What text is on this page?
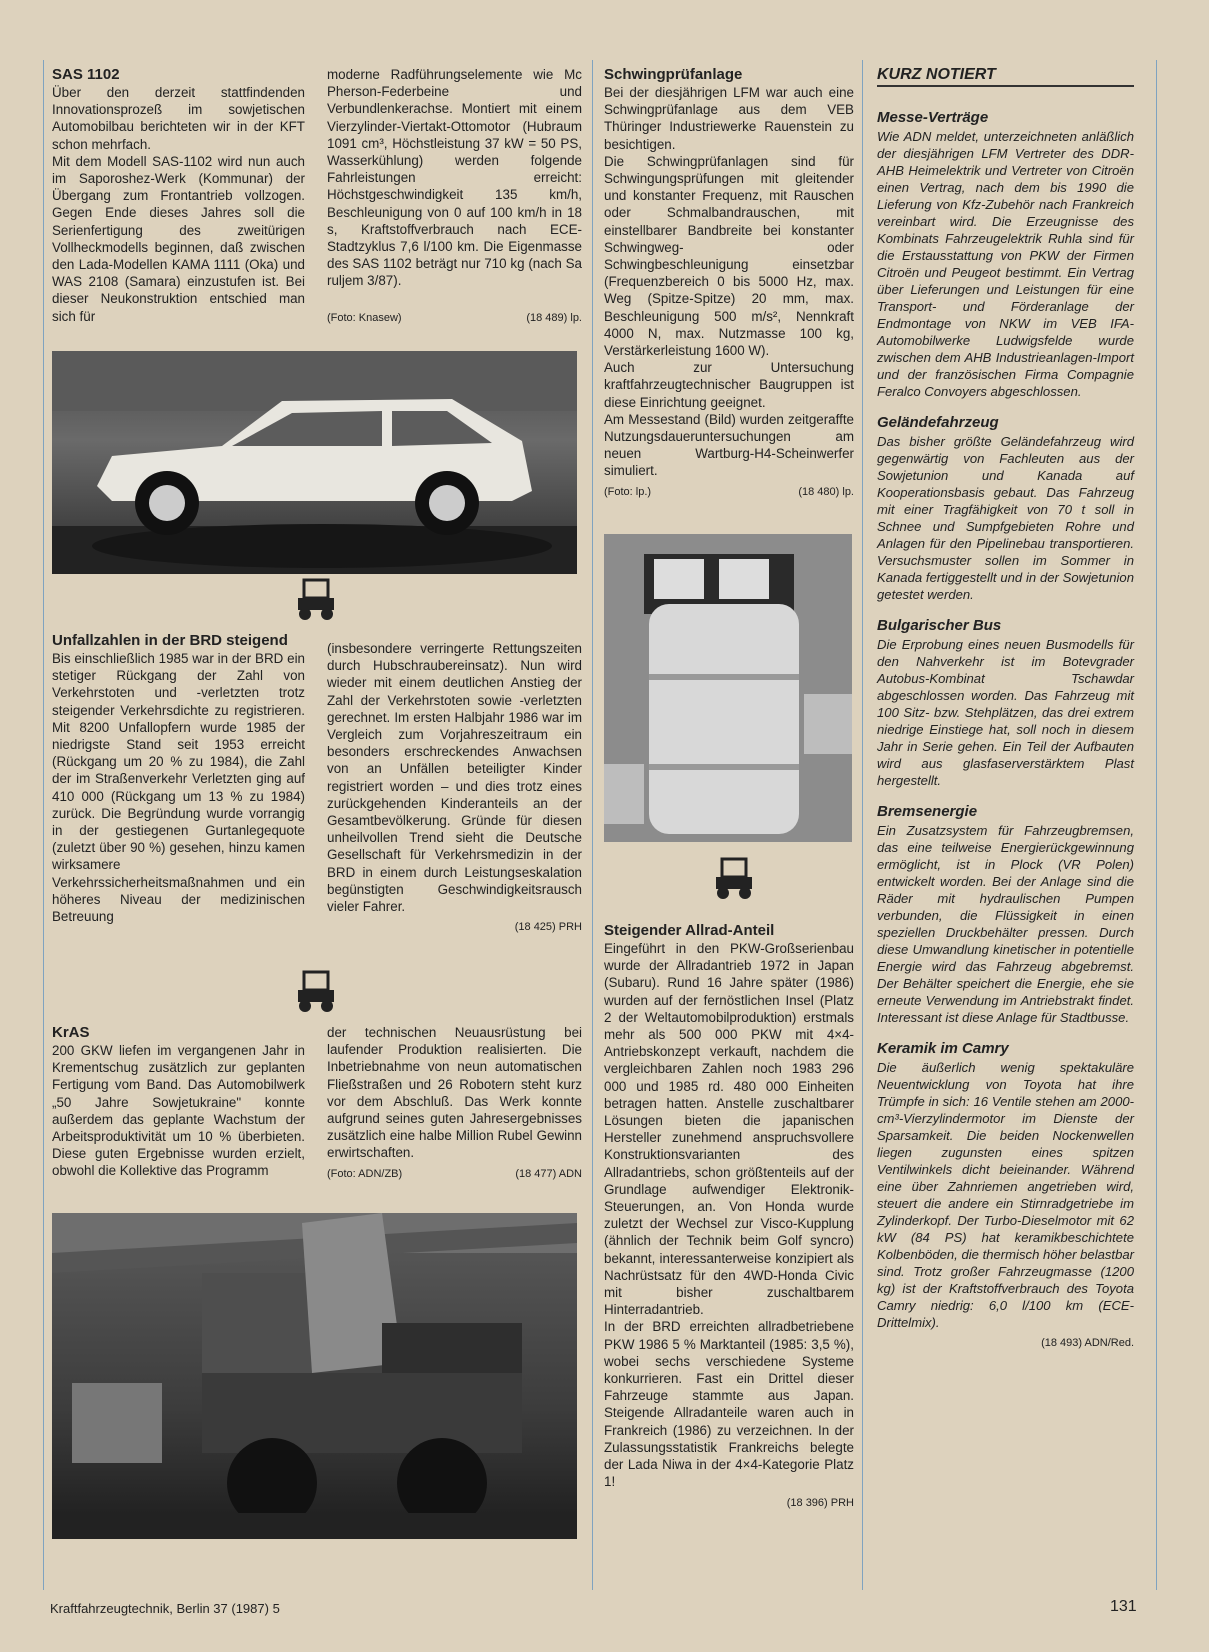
SAS 1102

Über den derzeit stattfindenden Innovationsprozeß im sowjetischen Automobilbau berichteten wir in der KFT schon mehrfach.

Mit dem Modell SAS-1102 wird nun auch im Saporoshez-Werk (Kommunar) der Übergang zum Frontantrieb vollzogen. Gegen Ende dieses Jahres soll die Serienfertigung des zweitürigen Vollheckmodells beginnen, daß zwischen den Lada-Modellen KAMA 1111 (Oka) und WAS 2108 (Samara) einzustufen ist. Bei dieser Neukonstruktion entschied man sich für

moderne Radführungselemente wie Mc Pherson-Federbeine und Verbundlenkerachse. Montiert mit einem Vierzylinder-Viertakt-Ottomotor (Hubraum 1091 cm³, Höchstleistung 37 kW = 50 PS, Wasserkühlung) werden folgende Fahrleistungen erreicht: Höchstgeschwindigkeit 135 km/h, Beschleunigung von 0 auf 100 km/h in 18 s, Kraftstoffverbrauch nach ECE-Stadtzyklus 7,6 l/100 km. Die Eigenmasse des SAS 1102 beträgt nur 710 kg (nach Sa ruljem 3/87).

(Foto: Knasew)	(18 489) lp.
Unfallzahlen in der BRD steigend

Bis einschließlich 1985 war in der BRD ein stetiger Rückgang der Zahl von Verkehrstoten und -verletzten trotz steigender Verkehrsdichte zu registrieren. Mit 8200 Unfallopfern wurde 1985 der niedrigste Stand seit 1953 erreicht (Rückgang um 20 % zu 1984), die Zahl der im Straßenverkehr Verletzten ging auf 410 000 (Rückgang um 13 % zu 1984) zurück. Die Begründung wurde vorrangig in der gestiegenen Gurtanlegequote (zuletzt über 90 %) gesehen, hinzu kamen wirksamere Verkehrssicherheitsmaßnahmen und ein höheres Niveau der medizinischen Betreuung

(insbesondere verringerte Rettungszeiten durch Hubschraubereinsatz). Nun wird wieder mit einem deutlichen Anstieg der Zahl der Verkehrstoten sowie -verletzten gerechnet. Im ersten Halbjahr 1986 war im Vergleich zum Vorjahreszeitraum ein besonders erschreckendes Anwachsen von an Unfällen beteiligter Kinder registriert worden – und dies trotz eines zurückgehenden Kinderanteils an der Gesamtbevölkerung. Gründe für diesen unheilvollen Trend sieht die Deutsche Gesellschaft für Verkehrsmedizin in der BRD in einem durch Leistungseskalation begünstigten Geschwindigkeitsrausch vieler Fahrer.

(18 425) PRH
KrAS

200 GKW liefen im vergangenen Jahr in Krementschug zusätzlich zur geplanten Fertigung vom Band. Das Automobilwerk „50 Jahre Sowjetukraine" konnte außerdem das geplante Wachstum der Arbeitsproduktivität um 10 % überbieten. Diese guten Ergebnisse wurden erzielt, obwohl die Kollektive das Programm

der technischen Neuausrüstung bei laufender Produktion realisierten. Die Inbetriebnahme von neun automatischen Fließstraßen und 26 Robotern steht kurz vor dem Abschluß. Das Werk konnte aufgrund seines guten Jahresergebnisses zusätzlich eine halbe Million Rubel Gewinn erwirtschaften.

(Foto: ADN/ZB)	(18 477) ADN
Schwingprüfanlage

Bei der diesjährigen LFM war auch eine Schwingprüfanlage aus dem VEB Thüringer Industriewerke Rauenstein zu besichtigen.

Die Schwingprüfanlagen sind für Schwingungsprüfungen mit gleitender und konstanter Frequenz, mit Rauschen oder Schmalbandrauschen, mit einstellbarer Bandbreite bei konstanter Schwingweg- oder Schwingbeschleunigung einsetzbar (Frequenzbereich 0 bis 5000 Hz, max. Weg (Spitze-Spitze) 20 mm, max. Beschleunigung 500 m/s², Nennkraft 4000 N, max. Nutzmasse 100 kg, Verstärkerleistung 1600 W).

Auch zur Untersuchung kraftfahrzeugtechnischer Baugruppen ist diese Einrichtung geeignet.

Am Messestand (Bild) wurden zeitgeraffte Nutzungsdaueruntersuchungen am neuen Wartburg-H4-Scheinwerfer simuliert.

(Foto: lp.)	(18 480) lp.
Steigender Allrad-Anteil

Eingeführt in den PKW-Großserienbau wurde der Allradantrieb 1972 in Japan (Subaru). Rund 16 Jahre später (1986) wurden auf der fernöstlichen Insel (Platz 2 der Weltautomobilproduktion) erstmals mehr als 500 000 PKW mit 4×4-Antriebskonzept verkauft, nachdem die vergleichbaren Zahlen noch 1983 296 000 und 1985 rd. 480 000 Einheiten betragen hatten. Anstelle zuschaltbarer Lösungen bieten die japanischen Hersteller zunehmend anspruchsvollere Konstruktionsvarianten des Allradantriebs, schon größtenteils auf der Grundlage aufwendiger Elektronik-Steuerungen, an. Von Honda wurde zuletzt der Wechsel zur Visco-Kupplung (ähnlich der Technik beim Golf syncro) bekannt, interessanterweise konzipiert als Nachrüstsatz für den 4WD-Honda Civic mit bisher zuschaltbarem Hinterradantrieb.

In der BRD erreichten allradbetriebene PKW 1986 5 % Marktanteil (1985: 3,5 %), wobei sechs verschiedene Systeme konkurrieren. Fast ein Drittel dieser Fahrzeuge stammte aus Japan. Steigende Allradanteile waren auch in Frankreich (1986) zu verzeichnen. In der Zulassungsstatistik Frankreichs belegte der Lada Niwa in der 4×4-Kategorie Platz 1!

(18 396) PRH
KURZ NOTIERT
Messe-Verträge

Wie ADN meldet, unterzeichneten anläßlich der diesjährigen LFM Vertreter des DDR-AHB Heimelektrik und Vertreter von Citroën einen Vertrag, nach dem bis 1990 die Lieferung von Kfz-Zubehör nach Frankreich vereinbart wird. Die Erzeugnisse des Kombinats Fahrzeugelektrik Ruhla sind für die Erstausstattung von PKW der Firmen Citroën und Peugeot bestimmt. Ein Vertrag über Lieferungen und Leistungen für eine Transport- und Förderanlage der Endmontage von NKW im VEB IFA-Automobilwerke Ludwigsfelde wurde zwischen dem AHB Industrieanlagen-Import und der französischen Firma Compagnie Feralco Convoyers abgeschlossen.

Geländefahrzeug

Das bisher größte Geländefahrzeug wird gegenwärtig von Fachleuten aus der Sowjetunion und Kanada auf Kooperationsbasis gebaut. Das Fahrzeug mit einer Tragfähigkeit von 70 t soll in Schnee und Sumpfgebieten Rohre und Anlagen für den Pipelinebau transportieren. Versuchsmuster sollen im Sommer in Kanada fertiggestellt und in der Sowjetunion getestet werden.

Bulgarischer Bus

Die Erprobung eines neuen Busmodells für den Nahverkehr ist im Botevgrader Autobus-Kombinat Tschawdar abgeschlossen worden. Das Fahrzeug mit 100 Sitz- bzw. Stehplätzen, das drei extrem niedrige Einstiege hat, soll noch in diesem Jahr in Serie gehen. Ein Teil der Aufbauten wird aus glasfaserverstärktem Plast hergestellt.

Bremsenergie

Ein Zusatzsystem für Fahrzeugbremsen, das eine teilweise Energierückgewinnung ermöglicht, ist in Plock (VR Polen) entwickelt worden. Bei der Anlage sind die Räder mit hydraulischen Pumpen verbunden, die Flüssigkeit in einen speziellen Druckbehälter pressen. Durch diese Umwandlung kinetischer in potentielle Energie wird das Fahrzeug abgebremst. Der Behälter speichert die Energie, ehe sie erneute Verwendung im Antriebstrakt findet. Interessant ist diese Anlage für Stadtbusse.

Keramik im Camry

Die äußerlich wenig spektakuläre Neuentwicklung von Toyota hat ihre Trümpfe in sich: 16 Ventile stehen am 2000-cm³-Vierzylindermotor im Dienste der Sparsamkeit. Die beiden Nockenwellen liegen zugunsten eines spitzen Ventilwinkels dicht beieinander. Während eine über Zahnriemen angetrieben wird, steuert die andere ein Stirnradgetriebe im Zylinderkopf. Der Turbo-Dieselmotor mit 62 kW (84 PS) hat keramikbeschichtete Kolbenböden, die thermisch höher belastbar sind. Trotz großer Fahrzeugmasse (1200 kg) ist der Kraftstoffverbrauch des Toyota Camry niedrig: 6,0 l/100 km (ECE-Drittelmix).

(18 493) ADN/Red.
Kraftfahrzeugtechnik, Berlin 37 (1987) 5	131
